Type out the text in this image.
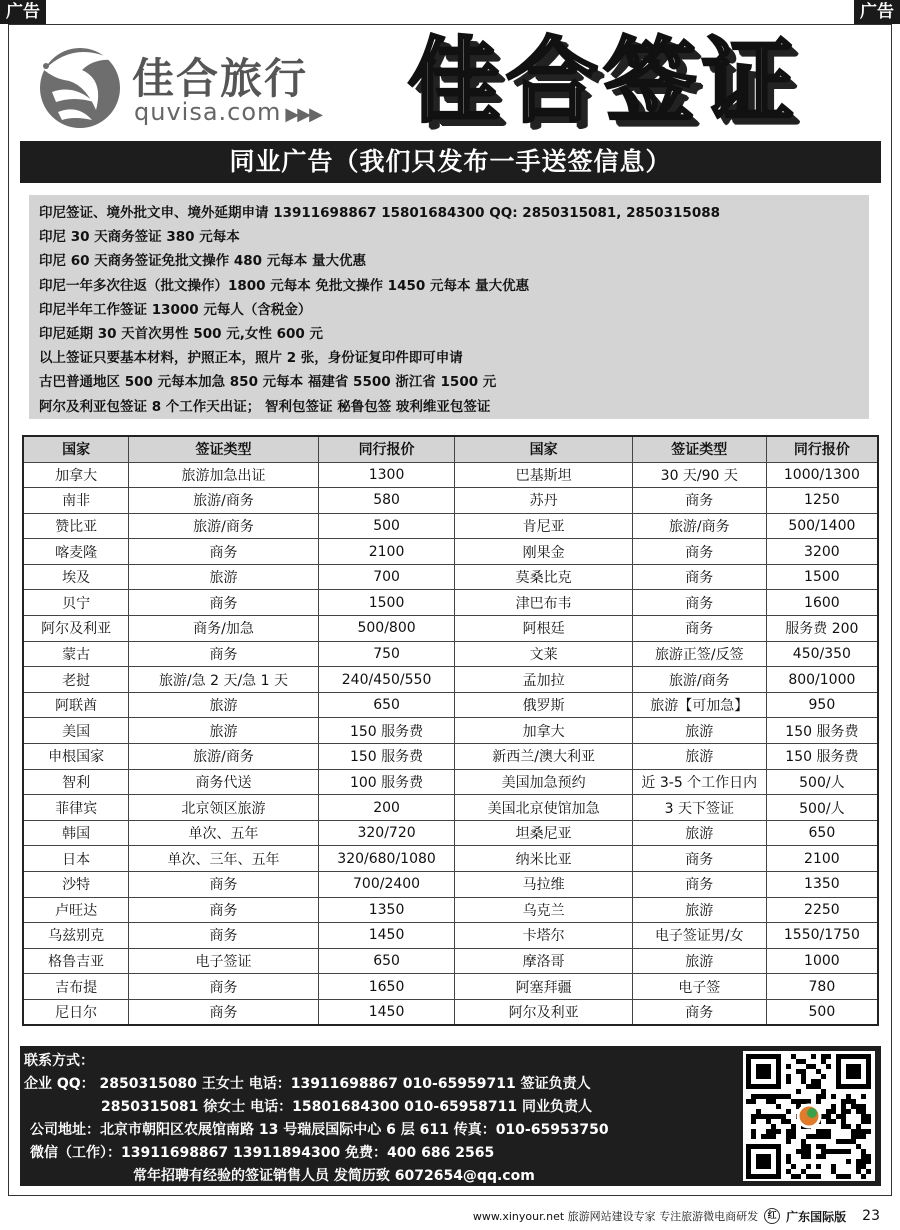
广告	广告
佳合旅行
quvisa.com ▶▶▶ 佳合签证
同业广告（我们只发布一手送签信息）
印尼签证、境外批文申、境外延期申请 13911698867 15801684300 QQ: 2850315081, 2850315088
印尼 30 天商务签证 380 元每本
印尼 60 天商务签证免批文操作 480 元每本 量大优惠
印尼一年多次往返（批文操作）1800 元每本 免批文操作 1450 元每本 量大优惠
印尼半年工作签证 13000 元每人（含税金）
印尼延期 30 天首次男性 500 元,女性 600 元
以上签证只要基本材料，护照正本，照片 2 张，身份证复印件即可申请
古巴普通地区 500 元每本加急 850 元每本 福建省 5500 浙江省 1500 元
阿尔及利亚包签证 8 个工作天出证； 智利包签证 秘鲁包签 玻利维亚包签证
国家	签证类型	同行报价	国家	签证类型	同行报价
加拿大	旅游加急出证	1300	巴基斯坦	30 天/90 天	1000/1300
南非	旅游/商务	580	苏丹	商务	1250
赞比亚	旅游/商务	500	肯尼亚	旅游/商务	500/1400
喀麦隆	商务	2100	刚果金	商务	3200
埃及	旅游	700	莫桑比克	商务	1500
贝宁	商务	1500	津巴布韦	商务	1600
阿尔及利亚	商务/加急	500/800	阿根廷	商务	服务费 200
蒙古	商务	750	文莱	旅游正签/反签	450/350
老挝	旅游/急 2 天/急 1 天	240/450/550	孟加拉	旅游/商务	800/1000
阿联酋	旅游	650	俄罗斯	旅游【可加急】	950
美国	旅游	150 服务费	加拿大	旅游	150 服务费
申根国家	旅游/商务	150 服务费	新西兰/澳大利亚	旅游	150 服务费
智利	商务代送	100 服务费	美国加急预约	近 3-5 个工作日内	500/人
菲律宾	北京领区旅游	200	美国北京使馆加急	3 天下签证	500/人
韩国	单次、五年	320/720	坦桑尼亚	旅游	650
日本	单次、三年、五年	320/680/1080	纳米比亚	商务	2100
沙特	商务	700/2400	马拉维	商务	1350
卢旺达	商务	1350	乌克兰	旅游	2250
乌兹别克	商务	1450	卡塔尔	电子签证男/女	1550/1750
格鲁吉亚	电子签证	650	摩洛哥	旅游	1000
吉布提	商务	1650	阿塞拜疆	电子签	780
尼日尔	商务	1450	阿尔及利亚	商务	500
联系方式：
企业 QQ： 2850315080 王女士 电话：13911698867 010-65959711 签证负责人
2850315081 徐女士 电话：15801684300 010-65958711 同业负责人
公司地址：北京市朝阳区农展馆南路 13 号瑞辰国际中心 6 层 611 传真：010-65953750
微信（工作）：13911698867 13911894300 免费：400 686 2565
常年招聘有经验的签证销售人员 发简历致 6072654@qq.com
www.xinyour.net 旅游网站建设专家 专注旅游微电商研发	红 广东国际版 23
